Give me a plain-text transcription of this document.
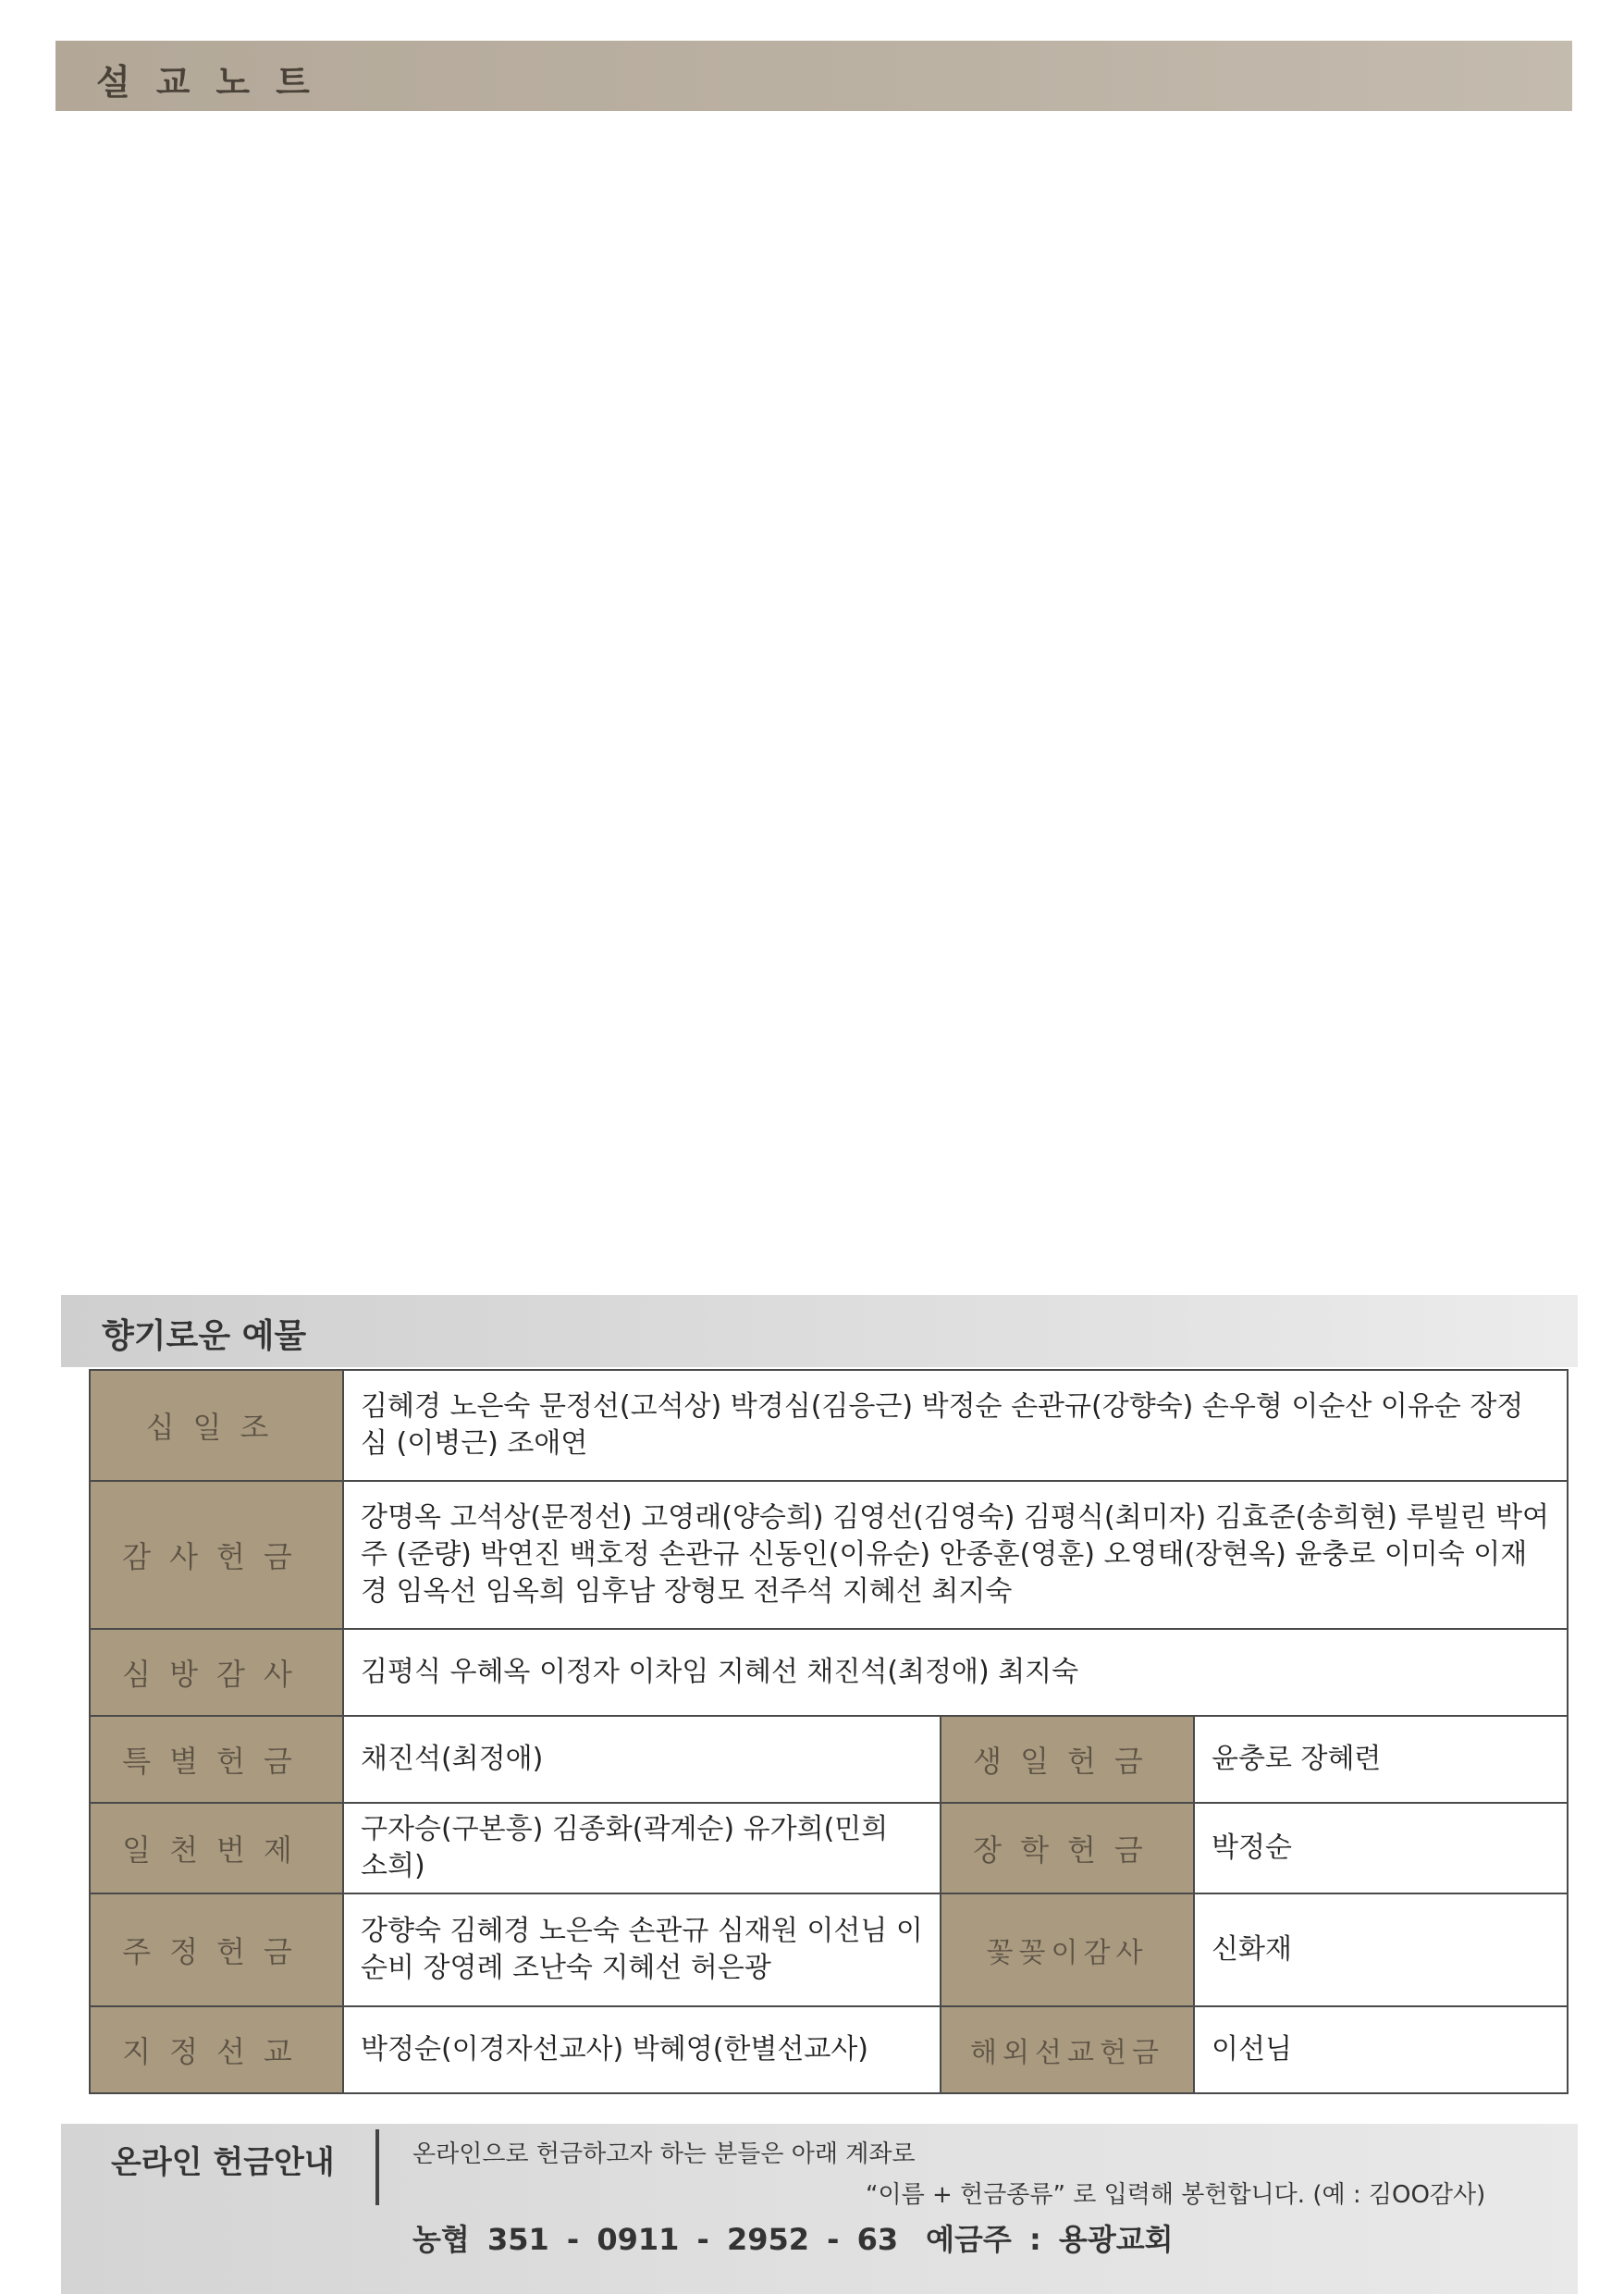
설교노트
향기로운 예물
십일조	김혜경 노은숙 문정선(고석상) 박경심(김응근) 박정순 손관규(강향숙) 손우형 이순산 이유순 장정심 (이병근) 조애연		
감사헌금	강명옥 고석상(문정선) 고영래(양승희) 김영선(김영숙) 김평식(최미자) 김효준(송희현) 루빌린 박여주 (준량) 박연진 백호정 손관규 신동인(이유순) 안종훈(영훈) 오영태(장현옥) 윤충로 이미숙 이재경 임옥선 임옥희 임후남 장형모 전주석 지혜선 최지숙		
심방감사	김평식 우혜옥 이정자 이차임 지혜선 채진석(최정애) 최지숙		
특별헌금	채진석(최정애)	생일헌금	윤충로 장혜련
일천번제	구자승(구본흥) 김종화(곽계순) 유가희(민희 소희)	장학헌금	박정순
주정헌금	강향숙 김혜경 노은숙 손관규 심재원 이선님 이순비 장영례 조난숙 지혜선 허은광	꽃꽂이감사	신화재
지정선교	박정순(이경자선교사) 박혜영(한별선교사)	해외선교헌금	이선님
온라인 헌금안내	온라인으로 헌금하고자 하는 분들은 아래 계좌로
“이름 + 헌금종류” 로 입력해 봉헌합니다. (예 : 김OO감사)
농협 351 - 0911 - 2952 - 63 예금주 : 용광교회
